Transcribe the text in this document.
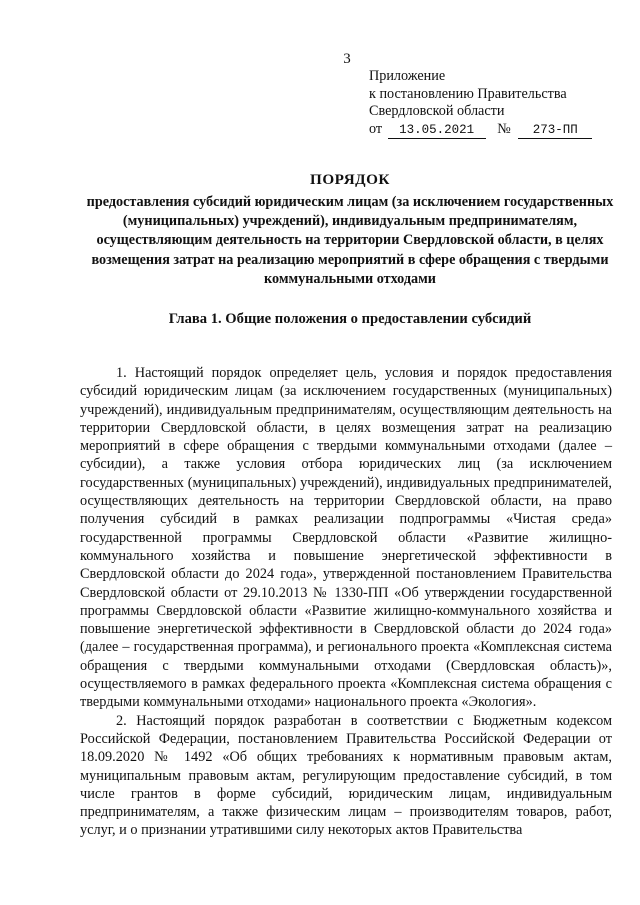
3
Приложение
к постановлению Правительства
Свердловской области
от 13.05.2021 № 273-ПП
ПОРЯДОК

предоставления субсидий юридическим лицам (за исключением государственных (муниципальных) учреждений), индивидуальным предпринимателям, осуществляющим деятельность на территории Свердловской области, в целях возмещения затрат на реализацию мероприятий в сфере обращения с твердыми коммунальными отходами

Глава 1. Общие положения о предоставлении субсидий

1. Настоящий порядок определяет цель, условия и порядок предоставления субсидий юридическим лицам (за исключением государственных (муниципальных) учреждений), индивидуальным предпринимателям, осуществляющим деятельность на территории Свердловской области, в целях возмещения затрат на реализацию мероприятий в сфере обращения с твердыми коммунальными отходами (далее – субсидии), а также условия отбора юридических лиц (за исключением государственных (муниципальных) учреждений), индивидуальных предпринимателей, осуществляющих деятельность на территории Свердловской области, на право получения субсидий в рамках реализации подпрограммы «Чистая среда» государственной программы Свердловской области «Развитие жилищно-коммунального хозяйства и повышение энергетической эффективности в Свердловской области до 2024 года», утвержденной постановлением Правительства Свердловской области от 29.10.2013 № 1330-ПП «Об утверждении государственной программы Свердловской области «Развитие жилищно-коммунального хозяйства и повышение энергетической эффективности в Свердловской области до 2024 года» (далее – государственная программа), и регионального проекта «Комплексная система обращения с твердыми коммунальными отходами (Свердловская область)», осуществляемого в рамках федерального проекта «Комплексная система обращения с твердыми коммунальными отходами» национального проекта «Экология».

2. Настоящий порядок разработан в соответствии с Бюджетным кодексом Российской Федерации, постановлением Правительства Российской Федерации от 18.09.2020 № 1492 «Об общих требованиях к нормативным правовым актам, муниципальным правовым актам, регулирующим предоставление субсидий, в том числе грантов в форме субсидий, юридическим лицам, индивидуальным предпринимателям, а также физическим лицам – производителям товаров, работ, услуг, и о признании утратившими силу некоторых актов Правительства
